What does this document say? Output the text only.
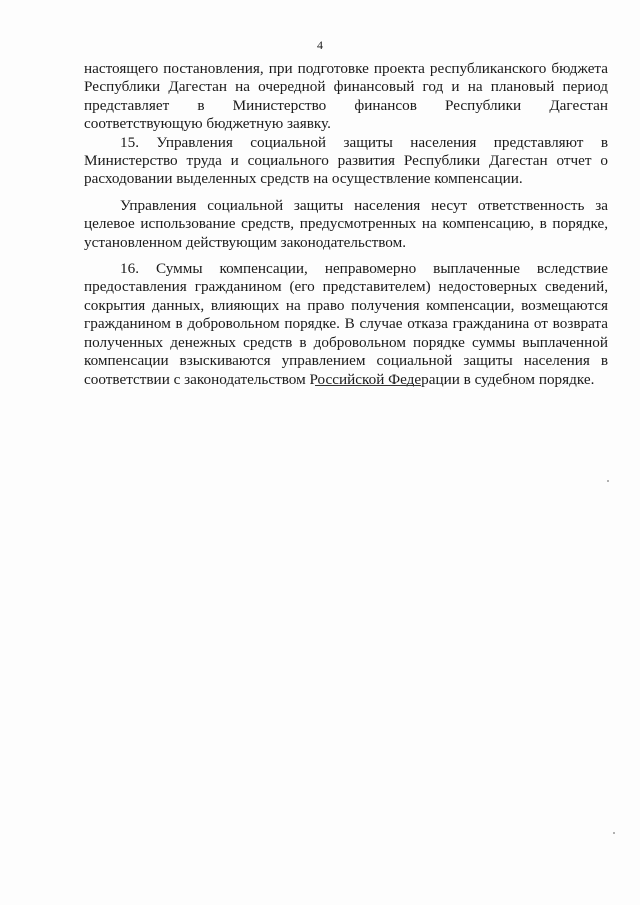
4

настоящего постановления, при подготовке проекта республиканского бюджета Республики Дагестан на очередной финансовый год и на плановый период представляет в Министерство финансов Республики Дагестан соответствующую бюджетную заявку.

15. Управления социальной защиты населения представляют в Министерство труда и социального развития Республики Дагестан отчет о расходовании выделенных средств на осуществление компенсации.

Управления социальной защиты населения несут ответственность за целевое использование средств, предусмотренных на компенсацию, в порядке, установленном действующим законодательством.

16. Суммы компенсации, неправомерно выплаченные вследствие предоставления гражданином (его представителем) недостоверных сведений, сокрытия данных, влияющих на право получения компенсации, возмещаются гражданином в добровольном порядке. В случае отказа гражданина от возврата полученных денежных средств в добровольном порядке суммы выплаченной компенсации взыскиваются управлением социальной защиты населения в соответствии с законодательством Российской Федерации в судебном порядке.
